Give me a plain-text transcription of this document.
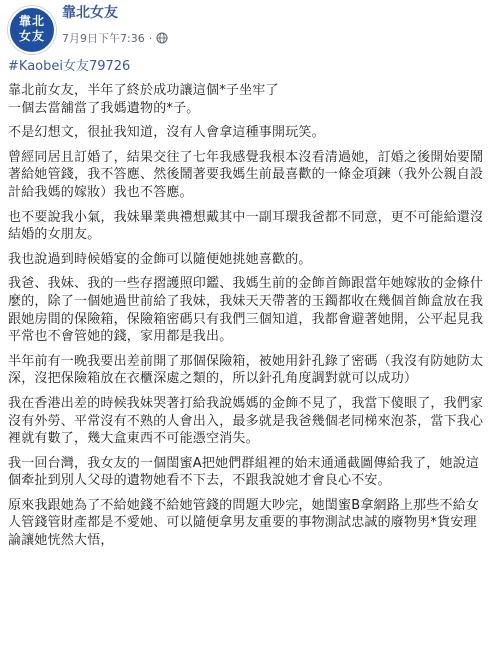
靠北
女友
靠北女友
7月9日下午7:36 ·
#Kaobei女友79726
靠北前女友，半年了終於成功讓這個*子坐牢了
一個去當舖當了我媽遺物的*子。
不是幻想文，很扯我知道，沒有人會拿這種事開玩笑。
曾經同居且訂婚了，結果交往了七年我感覺我根本沒看清過她，訂婚之後開始要鬧著給她管錢，我不答應、然後鬧著要我媽生前最喜歡的一條金項鍊（我外公親自設計給我媽的嫁妝）我也不答應。
也不要說我小氣，我妹畢業典禮想戴其中一副耳環我爸都不同意，更不可能給還沒結婚的女朋友。
我也說過到時候婚宴的金飾可以隨便她挑她喜歡的。
我爸、我妹、我的一些存摺護照印鑑、我媽生前的金飾首飾跟當年她嫁妝的金條什麼的，除了一個她過世前給了我妹，我妹天天帶著的玉鐲都收在幾個首飾盒放在我跟她房間的保險箱，保險箱密碼只有我們三個知道，我都會避著她開，公平起見我平常也不會管她的錢，家用都是我出。
半年前有一晚我要出差前開了那個保險箱，被她用針孔錄了密碼（我沒有防她防太深，沒把保險箱放在衣櫃深處之類的，所以針孔角度調對就可以成功）
我在香港出差的時候我妹哭著打給我說媽媽的金飾不見了，我當下傻眼了，我們家沒有外勞、平常沒有不熟的人會出入，最多就是我爸幾個老同梯來泡茶，當下我心裡就有數了，幾大盒東西不可能憑空消失。
我一回台灣，我女友的一個閨蜜A把她們群組裡的始末通通截圖傳給我了，她說這個牽扯到別人父母的遺物她看不下去，不跟我說她才會良心不安。
原來我跟她為了不給她錢不給她管錢的問題大吵完，她閨蜜B拿網路上那些不給女人管錢管財產都是不愛她、可以隨便拿男友重要的事物測試忠誠的廢物男*貨安理論讓她恍然大悟，
